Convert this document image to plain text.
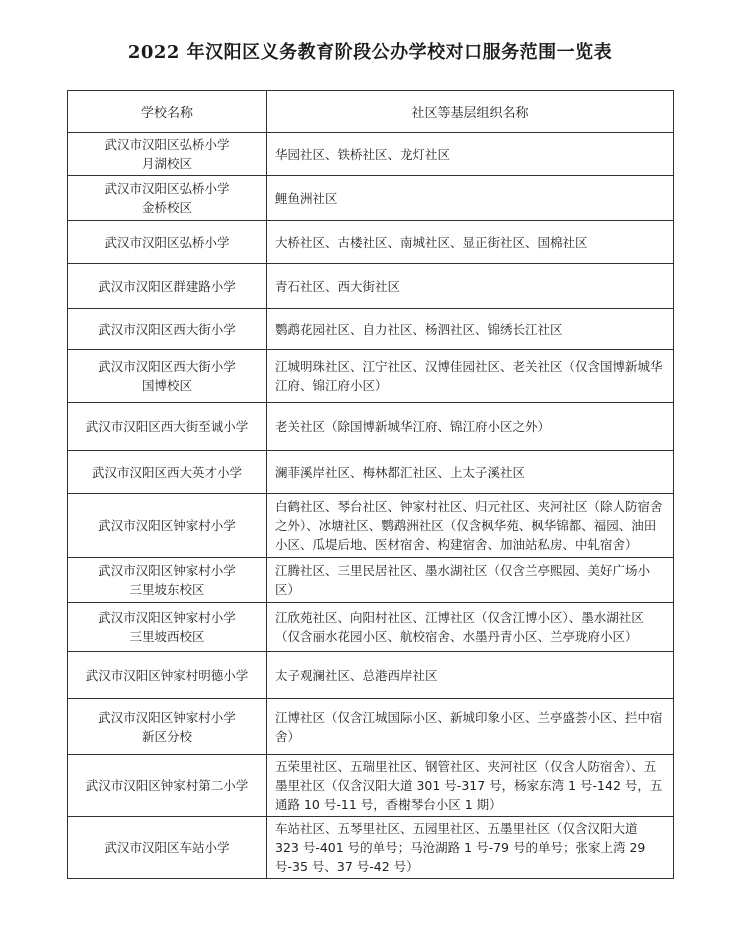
2022 年汉阳区义务教育阶段公办学校对口服务范围一览表
学校名称	社区等基层组织名称

武汉市汉阳区弘桥小学
月湖校区	华园社区、铁桥社区、龙灯社区

武汉市汉阳区弘桥小学
金桥校区	鲤鱼洲社区

武汉市汉阳区弘桥小学	大桥社区、古楼社区、南城社区、显正街社区、国棉社区

武汉市汉阳区群建路小学	青石社区、西大街社区

武汉市汉阳区西大街小学	鹦鹉花园社区、自力社区、杨泗社区、锦绣长江社区

武汉市汉阳区西大街小学
国博校区	江城明珠社区、江宁社区、汉博佳园社区、老关社区（仅含国博新城华江府、锦江府小区）

武汉市汉阳区西大街至诚小学	老关社区（除国博新城华江府、锦江府小区之外）

武汉市汉阳区西大英才小学	澜菲溪岸社区、梅林都汇社区、上太子溪社区

武汉市汉阳区钟家村小学	白鹤社区、琴台社区、钟家村社区、归元社区、夹河社区（除人防宿舍之外）、冰塘社区、鹦鹉洲社区（仅含枫华苑、枫华锦都、福园、油田小区、瓜堤后地、医材宿舍、构建宿舍、加油站私房、中轧宿舍）

武汉市汉阳区钟家村小学
三里坡东校区	江腾社区、三里民居社区、墨水湖社区（仅含兰亭熙园、美好广场小区）

武汉市汉阳区钟家村小学
三里坡西校区	江欣苑社区、向阳村社区、江博社区（仅含江博小区）、墨水湖社区（仅含丽水花园小区、航校宿舍、水墨丹青小区、兰亭珑府小区）

武汉市汉阳区钟家村明德小学	太子观澜社区、总港西岸社区

武汉市汉阳区钟家村小学
新区分校	江博社区（仅含江城国际小区、新城印象小区、兰亭盛荟小区、拦中宿舍）

武汉市汉阳区钟家村第二小学	五荣里社区、五瑞里社区、钢管社区、夹河社区（仅含人防宿舍）、五墨里社区（仅含汉阳大道 301 号-317 号，杨家东湾 1 号-142 号，五通路 10 号-11 号，香榭琴台小区 1 期）

武汉市汉阳区车站小学	车站社区、五琴里社区、五园里社区、五墨里社区（仅含汉阳大道 323 号-401 号的单号；马沧湖路 1 号-79 号的单号；张家上湾 29 号-35 号、37 号-42 号）
